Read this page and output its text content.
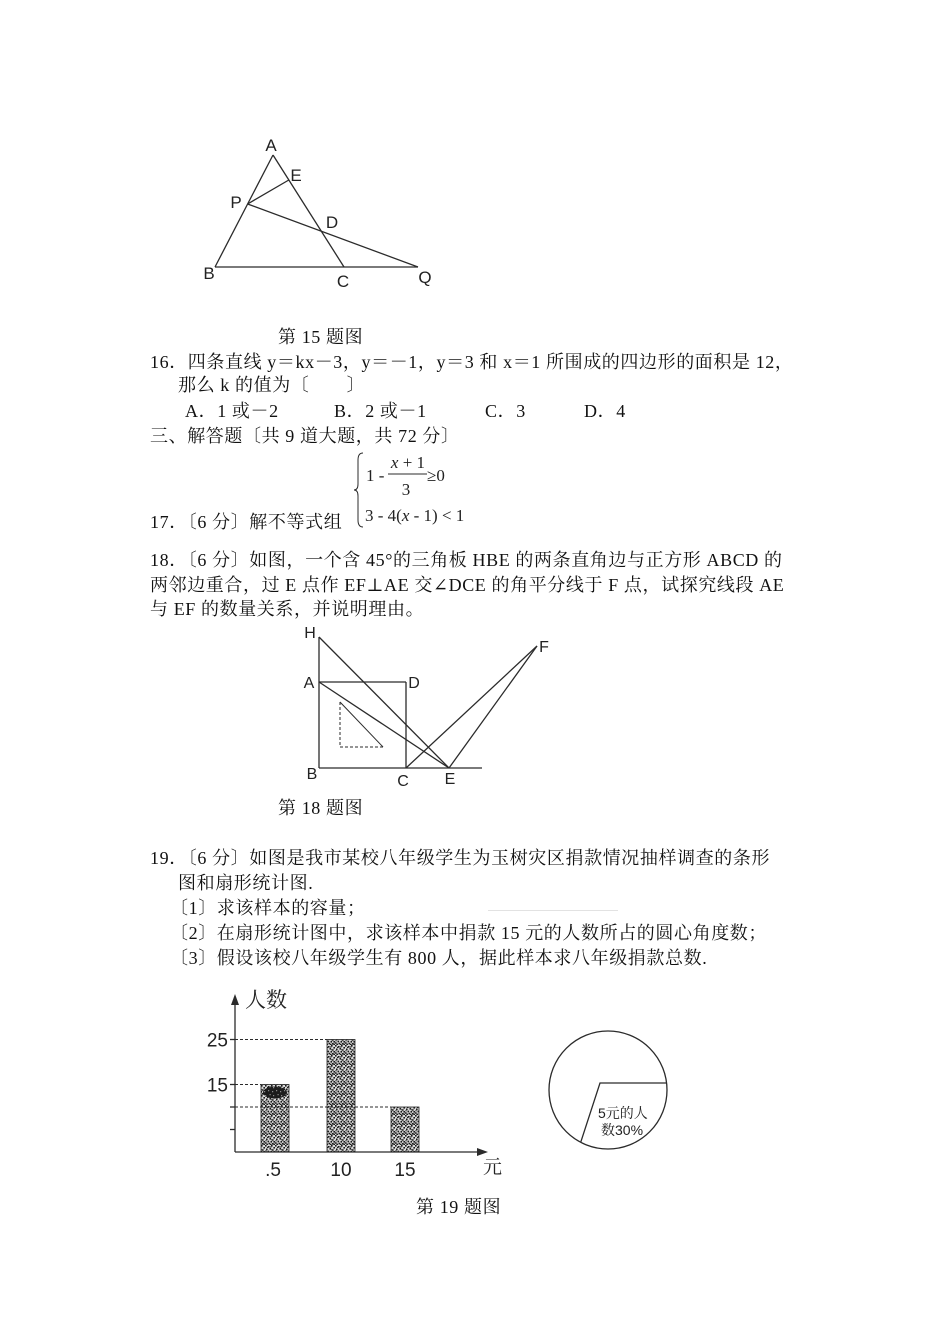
A
E
P
D
B	C	Q
第 15 题图
16．四条直线 y＝kx－3，y＝－1，y＝3 和 x＝1 所围成的四边形的面积是 12，
那么 k 的值为〔　　〕
A．1 或－2	B．2 或－1	C．3	D．4
三、解答题〔共 9 道大题，共 72 分〕
1 -
x + 1
3
≥0
3 - 4(x - 1) < 1
17．〔6 分〕解不等式组
18．〔6 分〕如图，一个含 45°的三角板 HBE 的两条直角边与正方形 ABCD 的
两邻边重合，过 E 点作 EF⊥AE 交∠DCE 的角平分线于 F 点，试探究线段 AE
与 EF 的数量关系，并说明理由。
H
A	D
B	C E
F
第 18 题图
19．〔6 分〕如图是我市某校八年级学生为玉树灾区捐款情况抽样调查的条形
图和扇形统计图.
〔1〕求该样本的容量；
〔2〕在扇形统计图中，求该样本中捐款 15 元的人数所占的圆心角度数；
〔3〕假设该校八年级学生有 800 人，据此样本求八年级捐款总数.
人数
元
25
15
.5	10 15
5元的人
数30%
第 19 题图
